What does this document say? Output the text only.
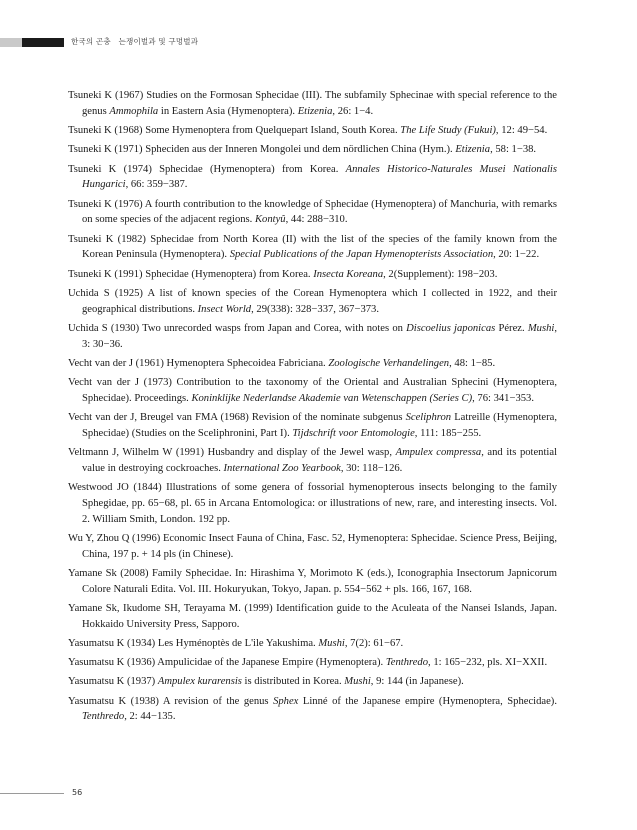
한국의 곤충 는쟁이벌과 및 구멍벌과

Tsuneki K (1967) Studies on the Formosan Sphecidae (III). The subfamily Sphecinae with special reference to the genus Ammophila in Eastern Asia (Hymenoptera). Etizenia, 26: 1−4.

Tsuneki K (1968) Some Hymenoptera from Quelquepart Island, South Korea. The Life Study (Fukui), 12: 49−54.

Tsuneki K (1971) Spheciden aus der Inneren Mongolei und dem nördlichen China (Hym.). Etizenia, 58: 1−38.

Tsuneki K (1974) Sphecidae (Hymenoptera) from Korea. Annales Historico-Naturales Musei Nationalis Hungarici, 66: 359−387.

Tsuneki K (1976) A fourth contribution to the knowledge of Sphecidae (Hymenoptera) of Manchuria, with remarks on some species of the adjacent regions. Kontyû, 44: 288−310.

Tsuneki K (1982) Sphecidae from North Korea (II) with the list of the species of the family known from the Korean Peninsula (Hymenoptera). Special Publications of the Japan Hymenopterists Association, 20: 1−22.

Tsuneki K (1991) Sphecidae (Hymenoptera) from Korea. Insecta Koreana, 2(Supplement): 198−203.

Uchida S (1925) A list of known species of the Corean Hymenoptera which I collected in 1922, and their geographical distributions. Insect World, 29(338): 328−337, 367−373.

Uchida S (1930) Two unrecorded wasps from Japan and Corea, with notes on Discoelius japonicas Pérez. Mushi, 3: 30−36.

Vecht van der J (1961) Hymenoptera Sphecoidea Fabriciana. Zoologische Verhandelingen, 48: 1−85.

Vecht van der J (1973) Contribution to the taxonomy of the Oriental and Australian Sphecini (Hymenoptera, Sphecidae). Proceedings. Koninklijke Nederlandse Akademie van Wetenschappen (Series C), 76: 341−353.

Vecht van der J, Breugel van FMA (1968) Revision of the nominate subgenus Sceliphron Latreille (Hymenoptera, Sphecidae) (Studies on the Sceliphronini, Part I). Tijdschrift voor Entomologie, 111: 185−255.

Veltmann J, Wilhelm W (1991) Husbandry and display of the Jewel wasp, Ampulex compressa, and its potential value in destroying cockroaches. International Zoo Yearbook, 30: 118−126.

Westwood JO (1844) Illustrations of some genera of fossorial hymenopterous insects belonging to the family Sphegidae, pp. 65−68, pl. 65 in Arcana Entomologica: or illustrations of new, rare, and interesting insects. Vol. 2. William Smith, London. 192 pp.

Wu Y, Zhou Q (1996) Economic Insect Fauna of China, Fasc. 52, Hymenoptera: Sphecidae. Science Press, Beijing, China, 197 p. + 14 pls (in Chinese).

Yamane Sk (2008) Family Sphecidae. In: Hirashima Y, Morimoto K (eds.), Iconographia Insectorum Japnicorum Colore Naturali Edita. Vol. III. Hokuryukan, Tokyo, Japan. p. 554−562 + pls. 166, 167, 168.

Yamane Sk, Ikudome SH, Terayama M. (1999) Identification guide to the Aculeata of the Nansei Islands, Japan. Hokkaido University Press, Sapporo.

Yasumatsu K (1934) Les Hyménoptès de L'ile Yakushima. Mushi, 7(2): 61−67.

Yasumatsu K (1936) Ampulicidae of the Japanese Empire (Hymenoptera). Tenthredo, 1: 165−232, pls. XI−XXII.

Yasumatsu K (1937) Ampulex kurarensis is distributed in Korea. Mushi, 9: 144 (in Japanese).

Yasumatsu K (1938) A revision of the genus Sphex Linné of the Japanese empire (Hymenoptera, Sphecidae). Tenthredo, 2: 44−135.

56
